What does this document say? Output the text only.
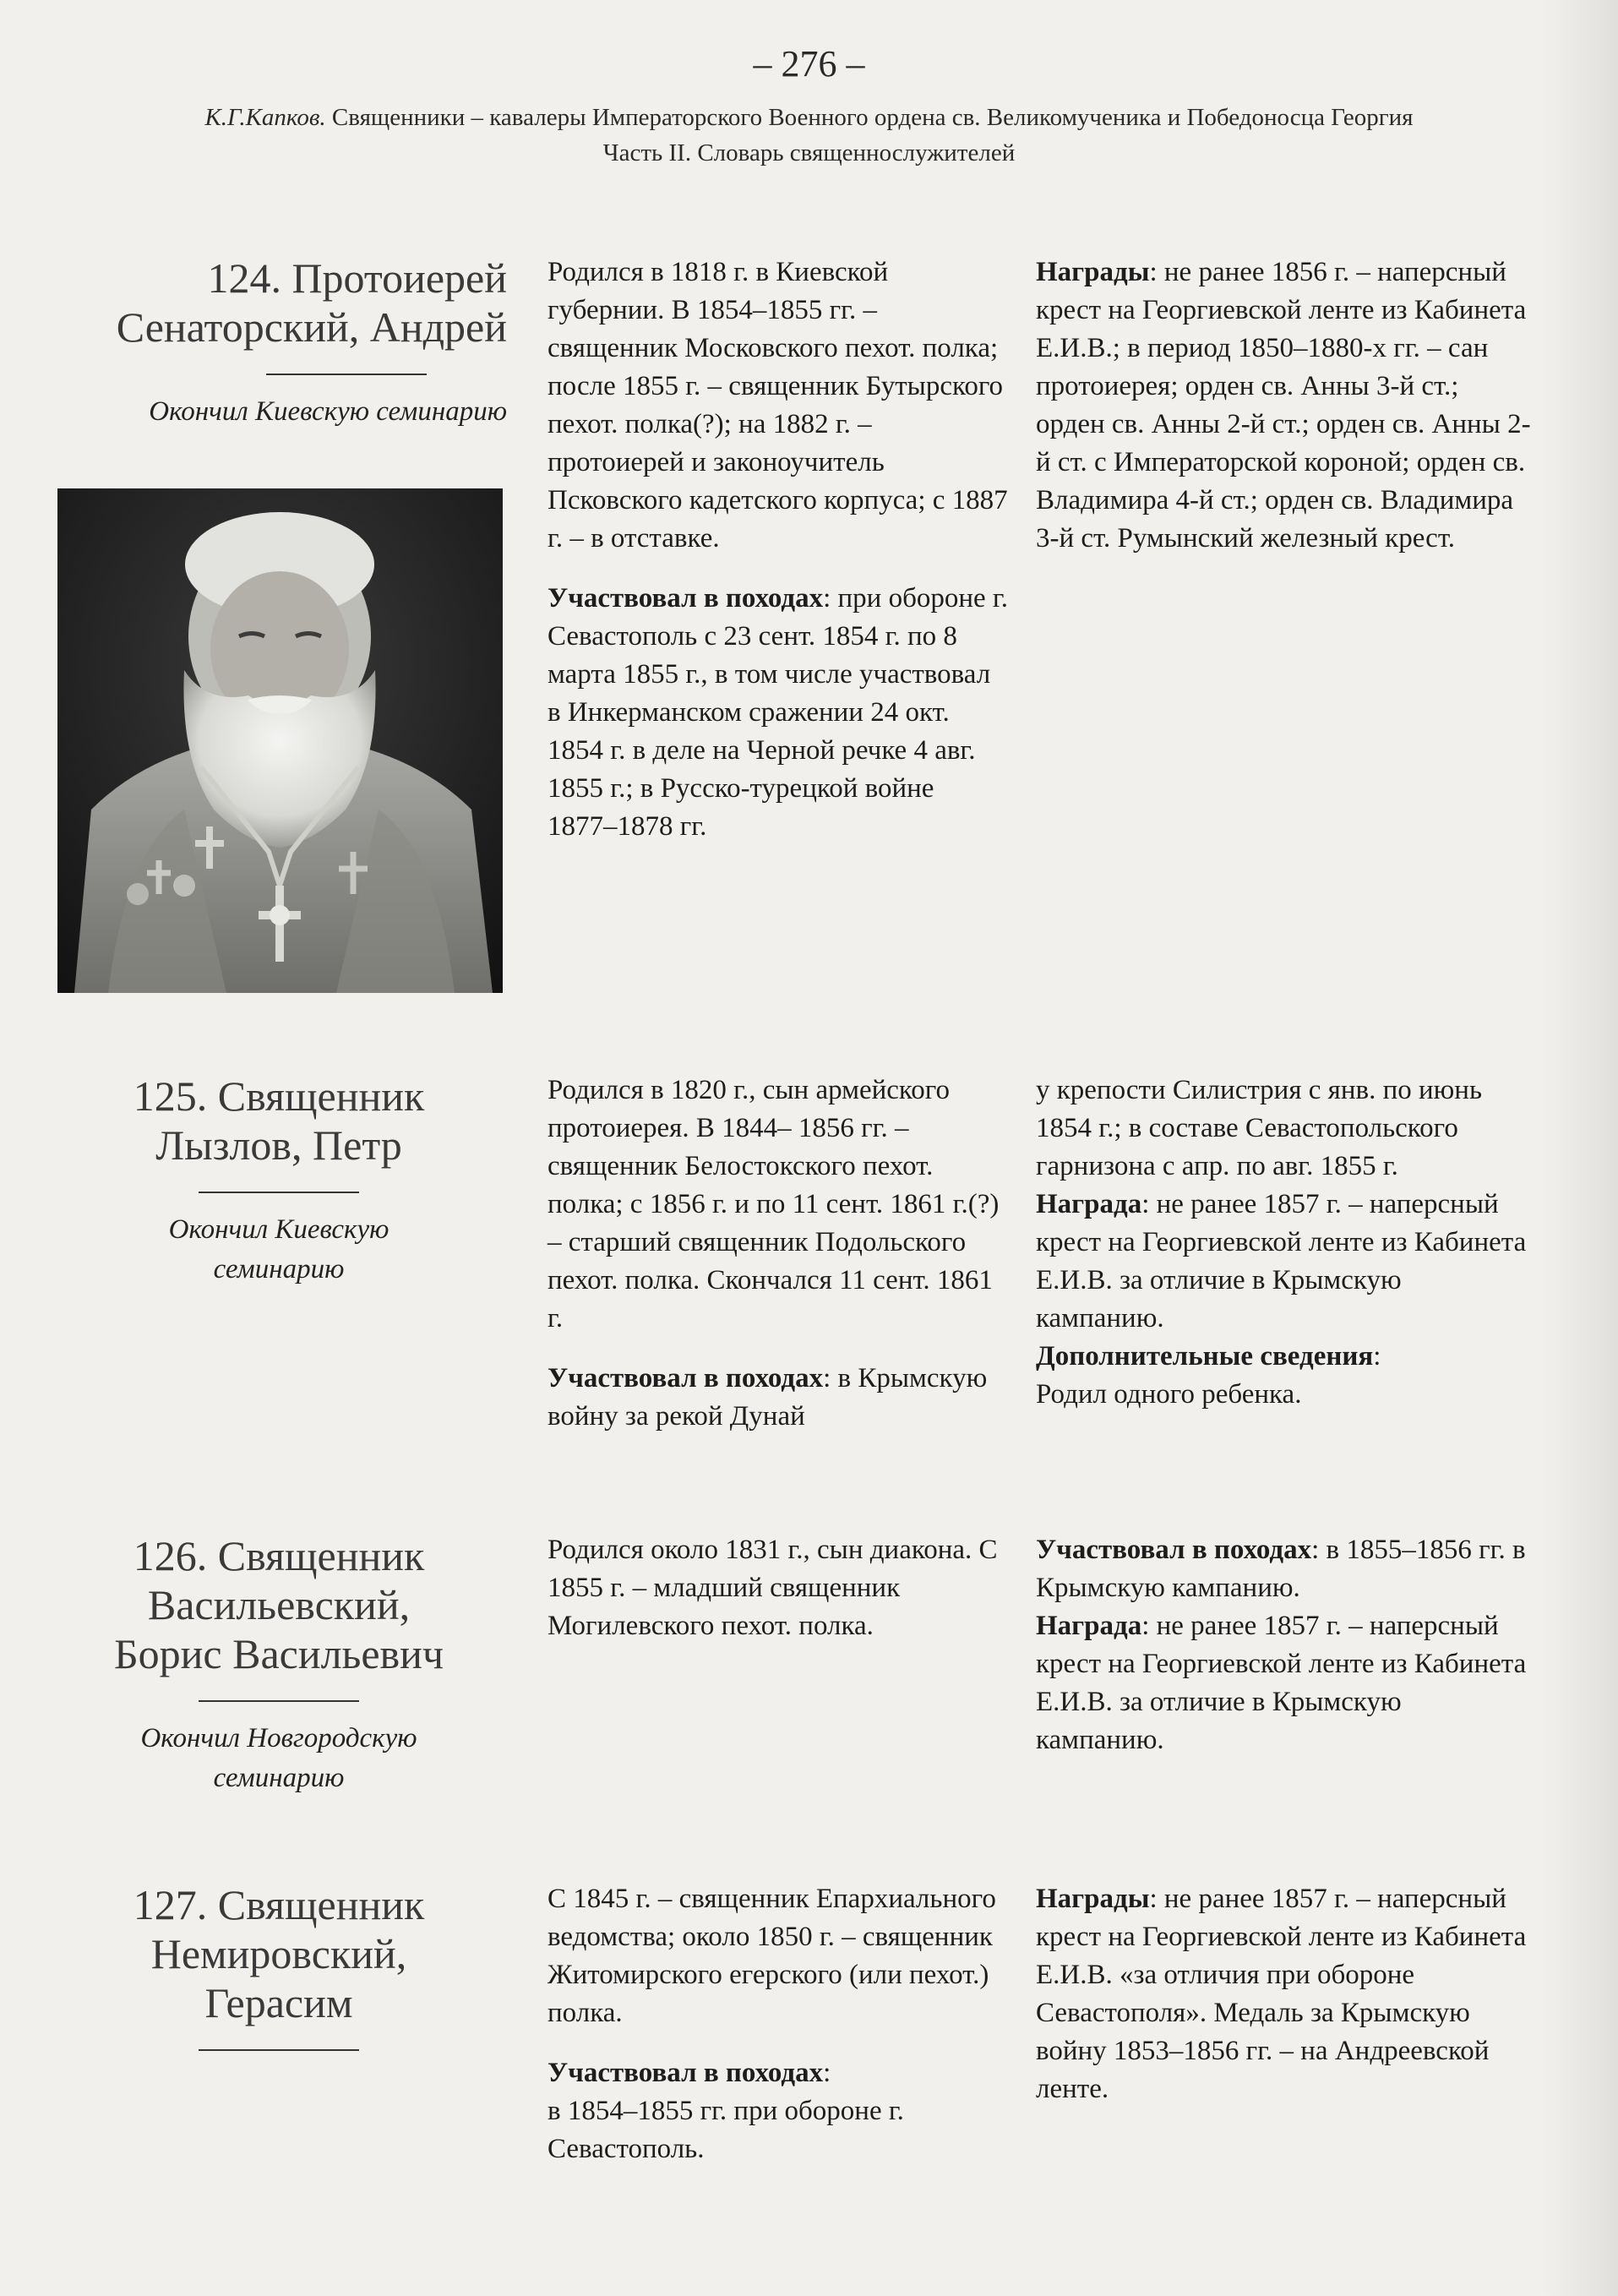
– 276 –
К.Г.Капков. Священники – кавалеры Императорского Военного ордена св. Великомученика и Победоносца Георгия
Часть II. Словарь священнослужителей
124. Протоиерей
Сенаторский, Андрей
Окончил Киевскую семинарию

Родился в 1818 г. в Киевской губернии. В 1854–1855 гг. – священник Московского пехот. полка; после 1855 г. – священник Бутырского пехот. полка(?); на 1882 г. – протоиерей и законоучитель Псковского кадетского корпуса; с 1887 г. – в отставке.

Участвовал в походах: при обороне г. Севастополь с 23 сент. 1854 г. по 8 марта 1855 г., в том числе участвовал в Инкерманском сражении 24 окт. 1854 г. в деле на Черной речке 4 авг. 1855 г.; в Русско-турецкой войне 1877–1878 гг.

Награды: не ранее 1856 г. – наперсный крест на Георгиевской ленте из Кабинета Е.И.В.; в период 1850–1880-х гг. – сан протоиерея; орден св. Анны 3-й ст.; орден св. Анны 2-й ст.; орден св. Анны 2-й ст. с Императорской короной; орден св. Владимира 4-й ст.; орден св. Владимира 3-й ст. Румынский железный крест.

125. Священник
Лызлов, Петр
Окончил Киевскую
семинарию

Родился в 1820 г., сын армейского протоиерея. В 1844– 1856 гг. – священник Белостокского пехот. полка; с 1856 г. и по 11 сент. 1861 г.(?) – старший священник Подольского пехот. полка. Скончался 11 сент. 1861 г.

Участвовал в походах: в Крымскую войну за рекой Дунай

у крепости Силистрия с янв. по июнь 1854 г.; в составе Севастопольского гарнизона с апр. по авг. 1855 г.

Награда: не ранее 1857 г. – наперсный крест на Георгиевской ленте из Кабинета Е.И.В. за отличие в Крымскую кампанию.

Дополнительные сведения:
Родил одного ребенка.

126. Священник
Васильевский,
Борис Васильевич
Окончил Новгородскую
семинарию

Родился около 1831 г., сын диакона. С 1855 г. – младший священник Могилевского пехот. полка.

Участвовал в походах: в 1855–1856 гг. в Крымскую кампанию.

Награда: не ранее 1857 г. – наперсный крест на Георгиевской ленте из Кабинета Е.И.В. за отличие в Крымскую кампанию.

127. Священник
Немировский,
Герасим

С 1845 г. – священник Епархиального ведомства; около 1850 г. – священник Житомирского егерского (или пехот.) полка.

Участвовал в походах:
в 1854–1855 гг. при обороне г. Севастополь.

Награды: не ранее 1857 г. – наперсный крест на Георгиевской ленте из Кабинета Е.И.В. «за отличия при обороне Севастополя». Медаль за Крымскую войну 1853–1856 гг. – на Андреевской ленте.
